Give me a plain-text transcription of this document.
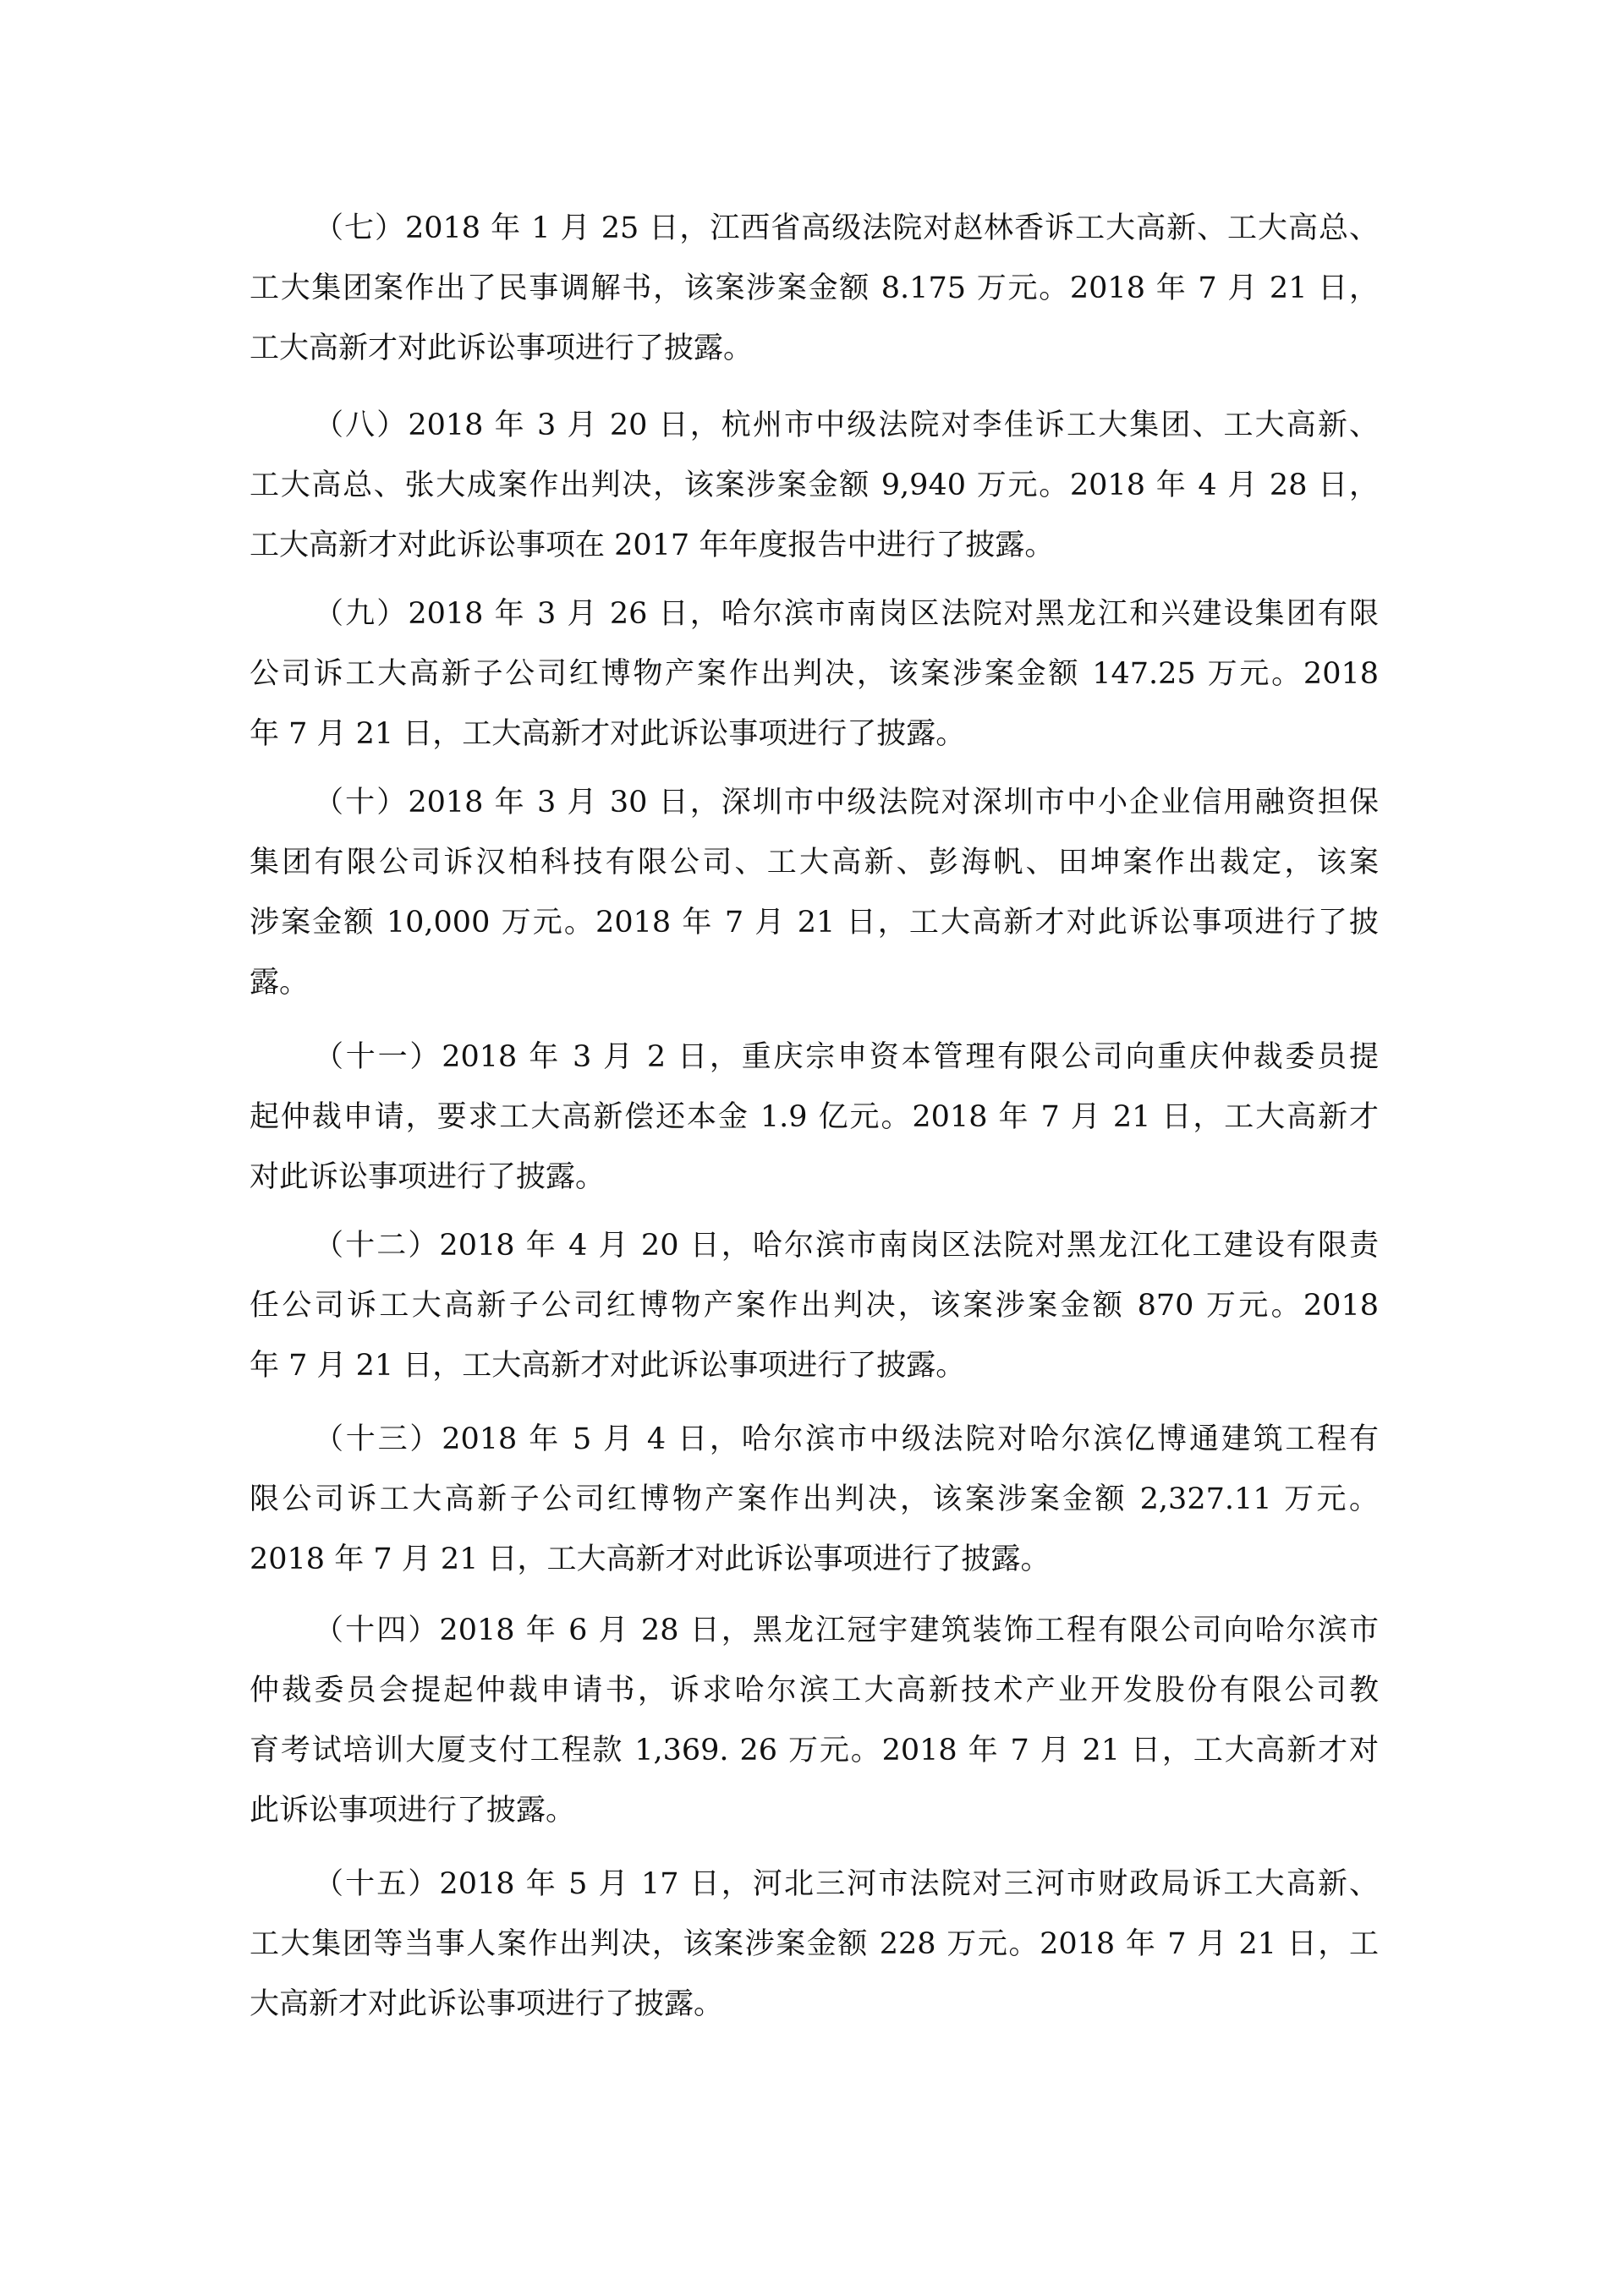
（七）2018 年 1 月 25 日，江西省高级法院对赵林香诉工大高新、工大高总、
工大集团案作出了民事调解书，该案涉案金额 8.175 万元。2018 年 7 月 21 日，
工大高新才对此诉讼事项进行了披露。
（八）2018 年 3 月 20 日，杭州市中级法院对李佳诉工大集团、工大高新、
工大高总、张大成案作出判决，该案涉案金额 9,940 万元。2018 年 4 月 28 日，
工大高新才对此诉讼事项在 2017 年年度报告中进行了披露。
（九）2018 年 3 月 26 日，哈尔滨市南岗区法院对黑龙江和兴建设集团有限
公司诉工大高新子公司红博物产案作出判决，该案涉案金额 147.25 万元。2018
年 7 月 21 日，工大高新才对此诉讼事项进行了披露。
（十）2018 年 3 月 30 日，深圳市中级法院对深圳市中小企业信用融资担保
集团有限公司诉汉柏科技有限公司、工大高新、彭海帆、田坤案作出裁定，该案
涉案金额 10,000 万元。2018 年 7 月 21 日，工大高新才对此诉讼事项进行了披
露。
（十一）2018 年 3 月 2 日，重庆宗申资本管理有限公司向重庆仲裁委员提
起仲裁申请，要求工大高新偿还本金 1.9 亿元。2018 年 7 月 21 日，工大高新才
对此诉讼事项进行了披露。
（十二）2018 年 4 月 20 日，哈尔滨市南岗区法院对黑龙江化工建设有限责
任公司诉工大高新子公司红博物产案作出判决，该案涉案金额 870 万元。2018
年 7 月 21 日，工大高新才对此诉讼事项进行了披露。
（十三）2018 年 5 月 4 日，哈尔滨市中级法院对哈尔滨亿博通建筑工程有
限公司诉工大高新子公司红博物产案作出判决，该案涉案金额 2,327.11 万元。
2018 年 7 月 21 日，工大高新才对此诉讼事项进行了披露。
（十四）2018 年 6 月 28 日，黑龙江冠宇建筑装饰工程有限公司向哈尔滨市
仲裁委员会提起仲裁申请书，诉求哈尔滨工大高新技术产业开发股份有限公司教
育考试培训大厦支付工程款 1,369. 26 万元。2018 年 7 月 21 日，工大高新才对
此诉讼事项进行了披露。
（十五）2018 年 5 月 17 日，河北三河市法院对三河市财政局诉工大高新、
工大集团等当事人案作出判决，该案涉案金额 228 万元。2018 年 7 月 21 日，工
大高新才对此诉讼事项进行了披露。
